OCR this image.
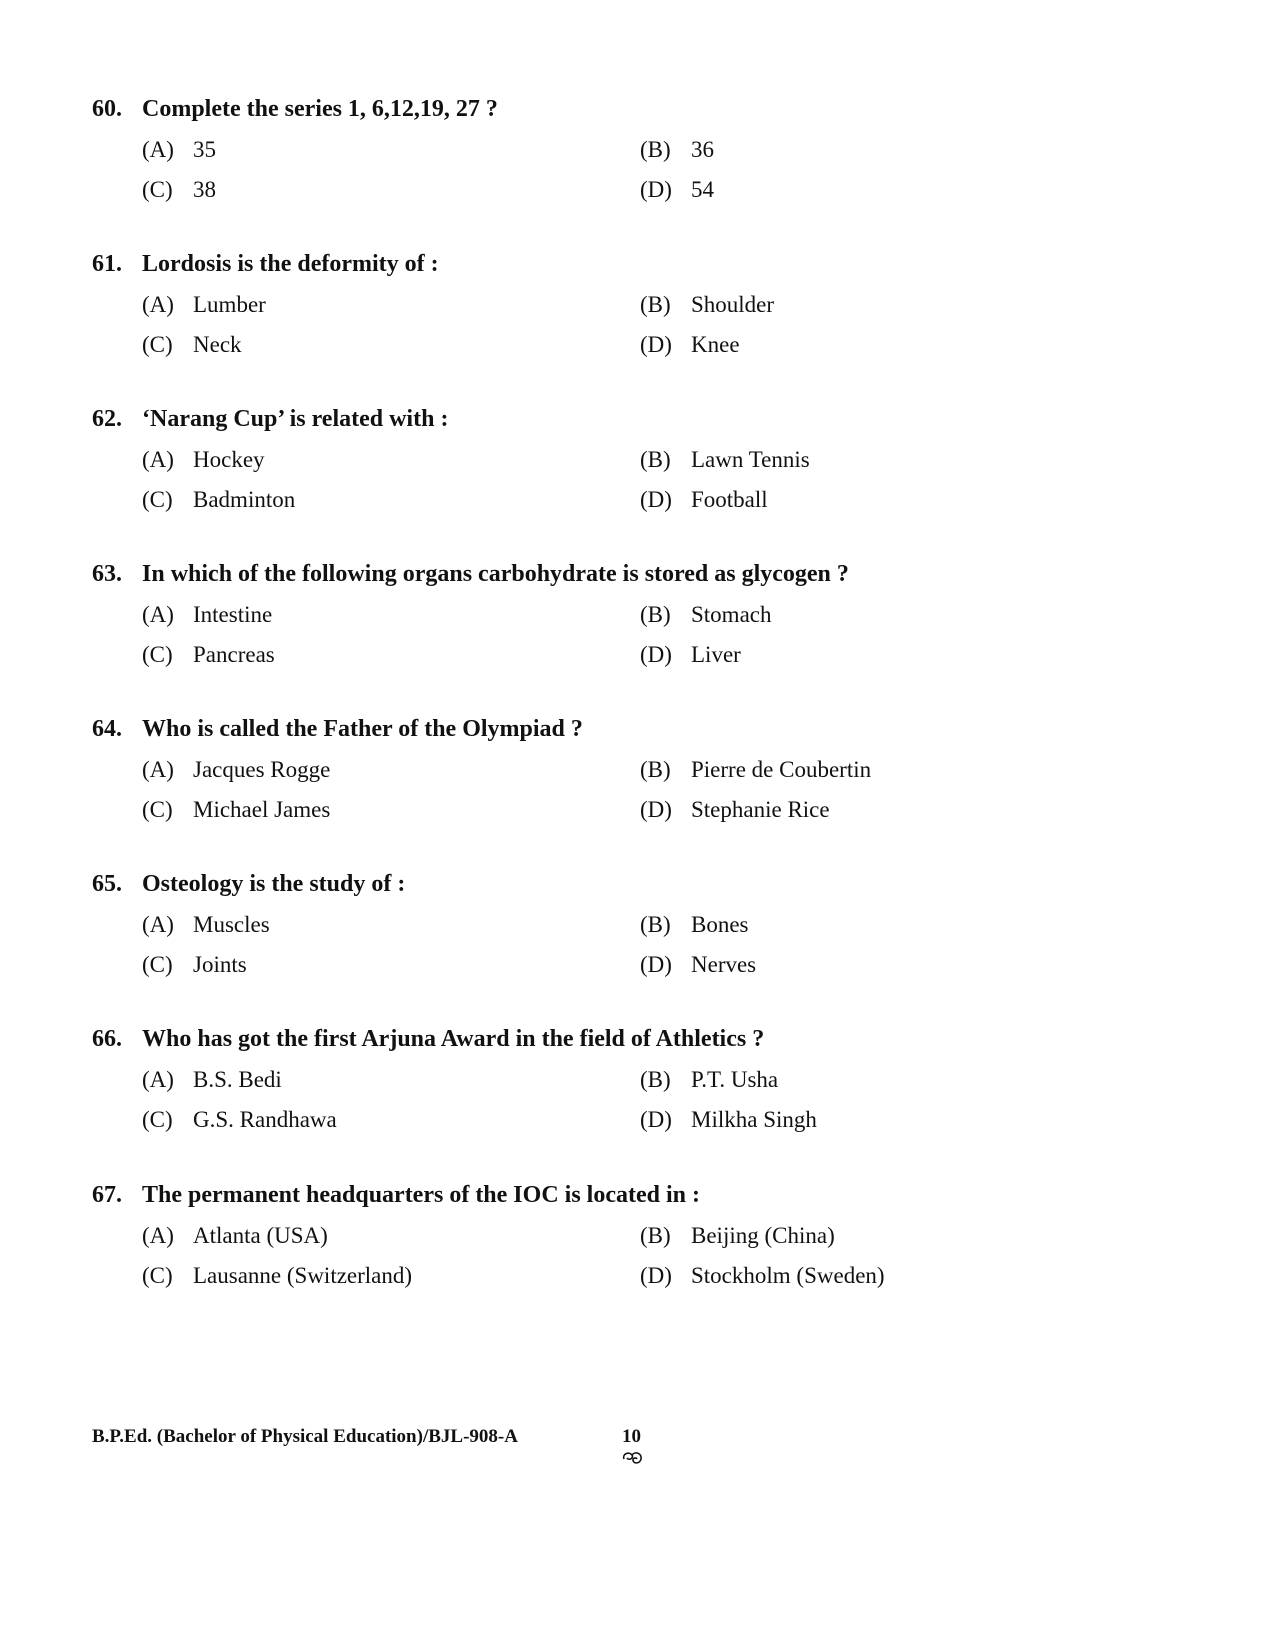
60. Complete the series 1, 6,12,19, 27 ?
(A) 35	(B) 36
(C) 38	(D) 54
61. Lordosis is the deformity of :
(A) Lumber	(B) Shoulder
(C) Neck	(D) Knee
62. ‘Narang Cup’ is related with :
(A) Hockey	(B) Lawn Tennis
(C) Badminton	(D) Football
63. In which of the following organs carbohydrate is stored as glycogen ?
(A) Intestine	(B) Stomach
(C) Pancreas	(D) Liver
64. Who is called the Father of the Olympiad ?
(A) Jacques Rogge	(B) Pierre de Coubertin
(C) Michael James	(D) Stephanie Rice
65. Osteology is the study of :
(A) Muscles	(B) Bones
(C) Joints	(D) Nerves
66. Who has got the first Arjuna Award in the field of Athletics ?
(A) B.S. Bedi	(B) P.T. Usha
(C) G.S. Randhawa	(D) Milkha Singh
67. The permanent headquarters of the IOC is located in :
(A) Atlanta (USA)	(B) Beijing (China)
(C) Lausanne (Switzerland)	(D) Stockholm (Sweden)
B.P.Ed. (Bachelor of Physical Education)/BJL-908-A	10
